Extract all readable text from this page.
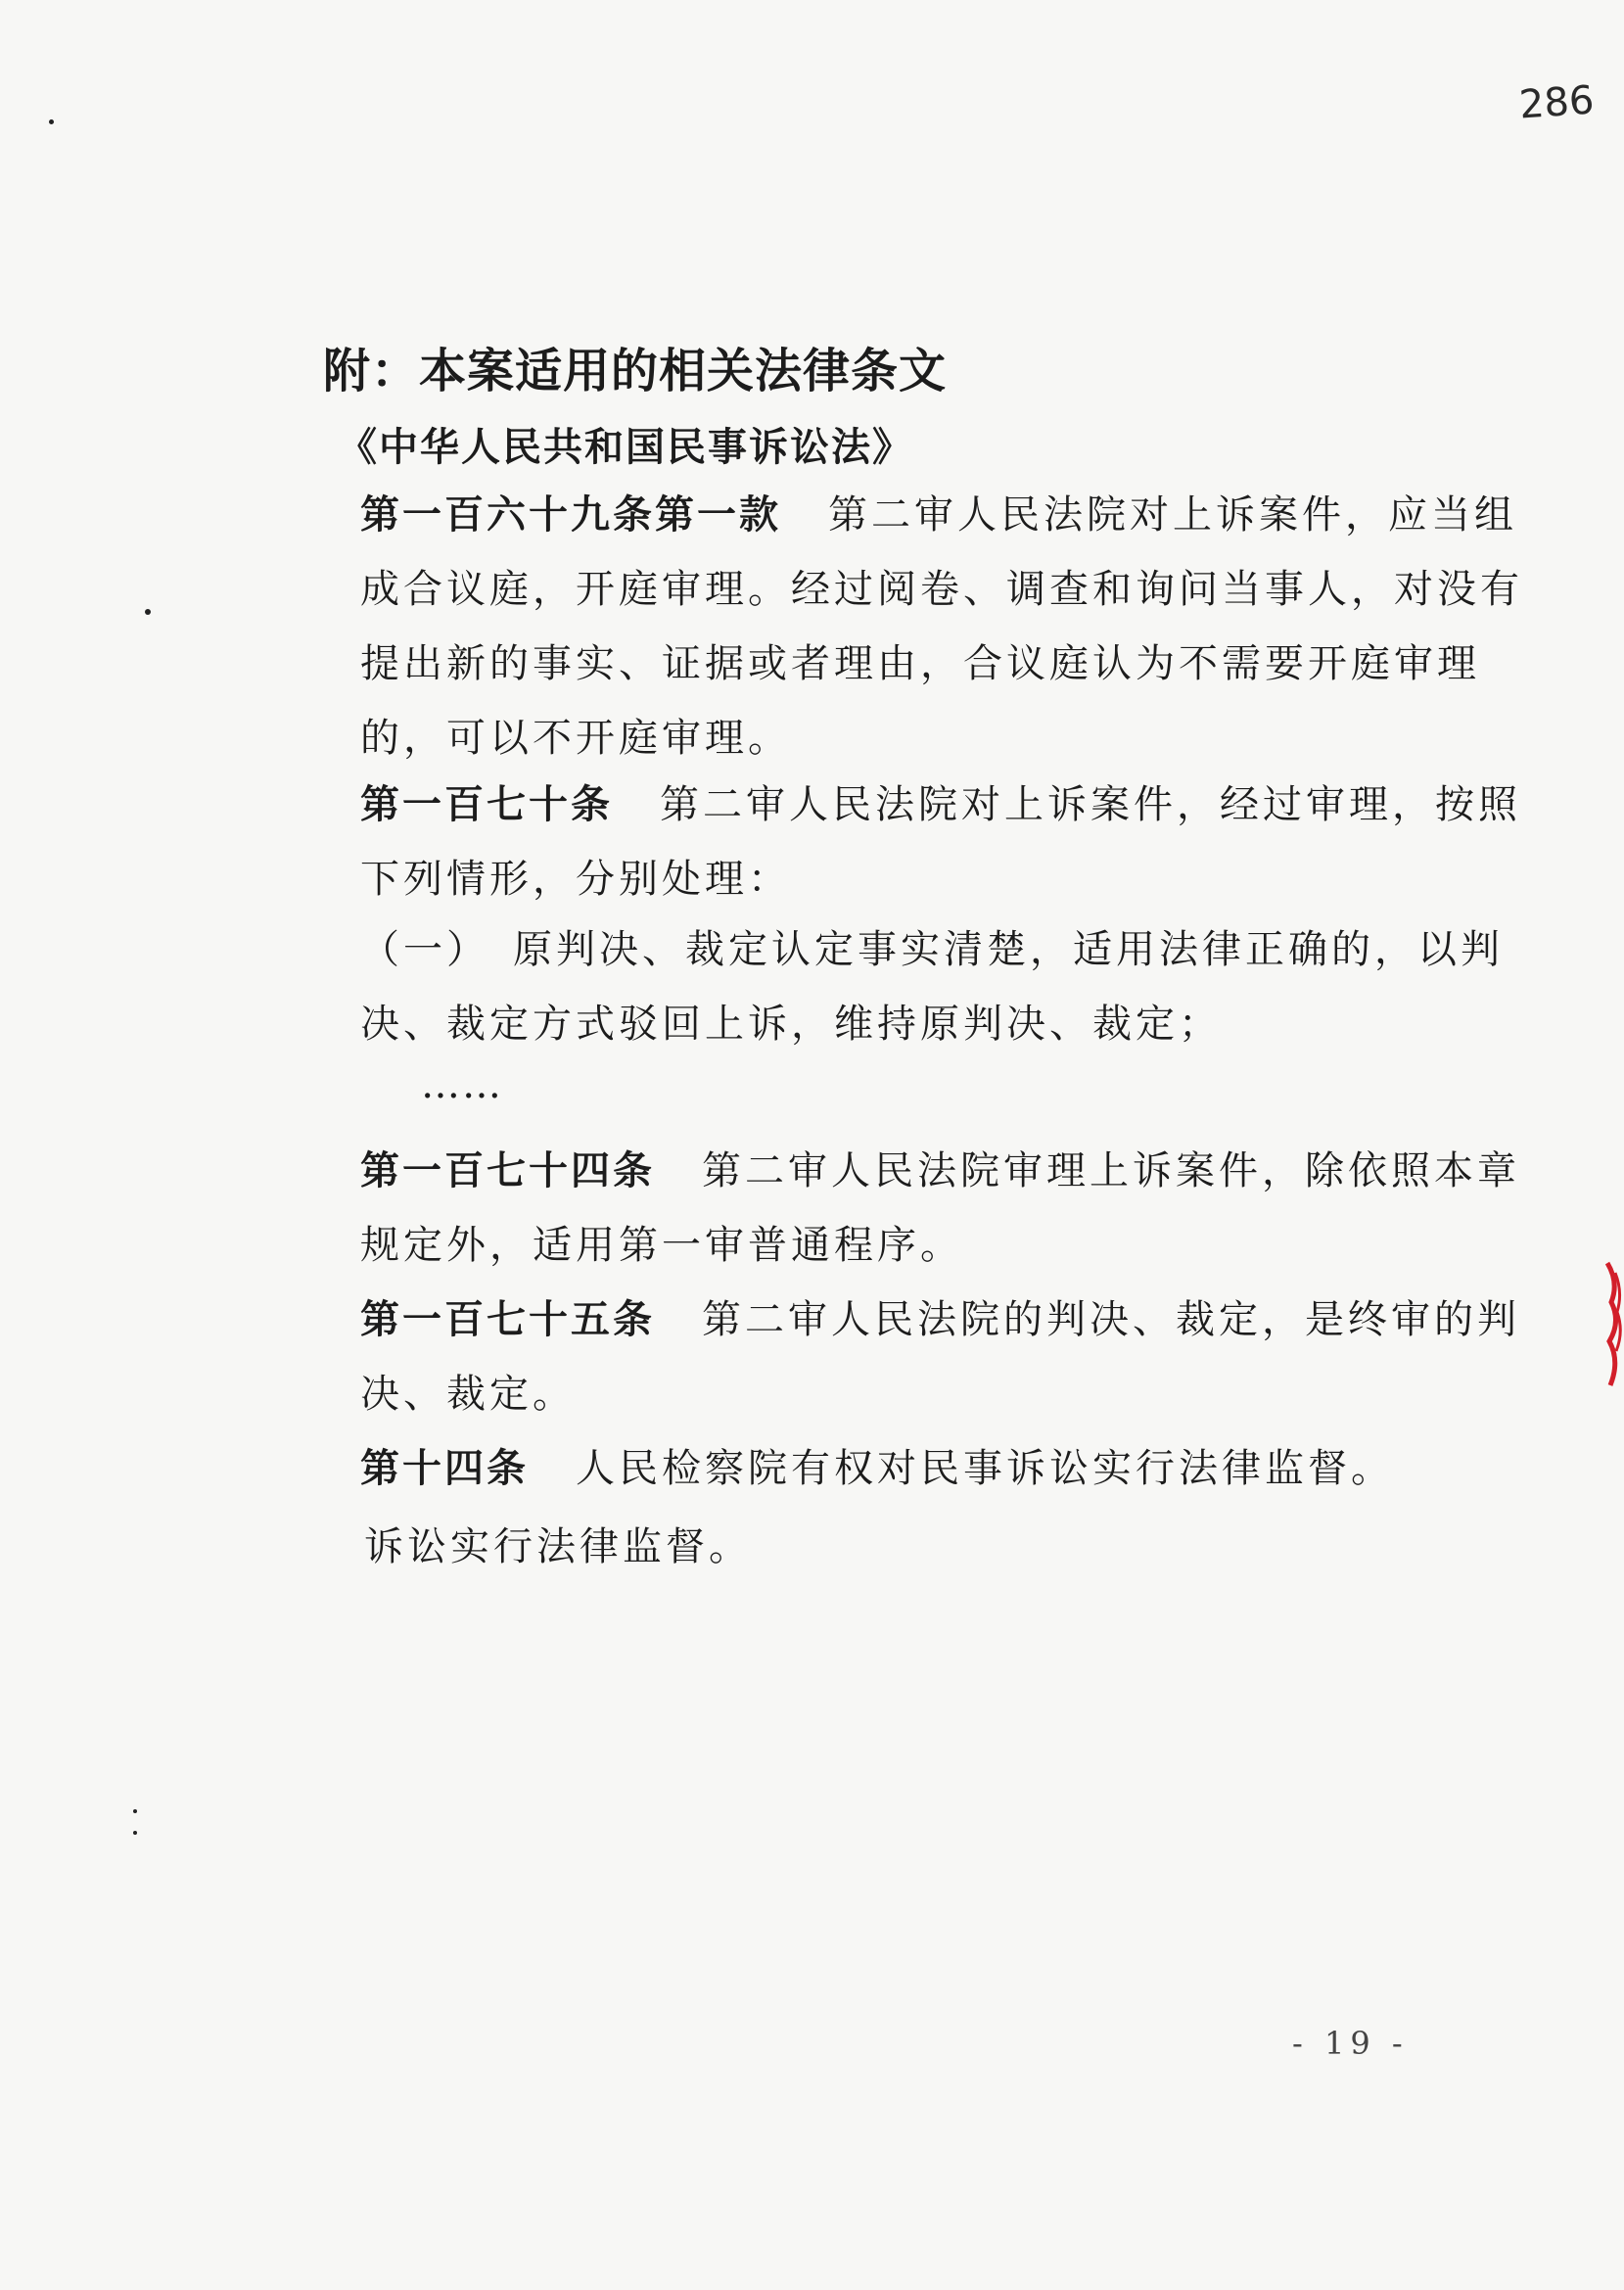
286
附：本案适用的相关法律条文
《中华人民共和国民事诉讼法》
第一百六十九条第一款 第二审人民法院对上诉案件，应当组成合议庭，开庭审理。经过阅卷、调查和询问当事人，对没有提出新的事实、证据或者理由，合议庭认为不需要开庭审理的，可以不开庭审理。
第一百七十条 第二审人民法院对上诉案件，经过审理，按照下列情形，分别处理：
（一） 原判决、裁定认定事实清楚，适用法律正确的，以判决、裁定方式驳回上诉，维持原判决、裁定；
……
第一百七十四条 第二审人民法院审理上诉案件，除依照本章规定外，适用第一审普通程序。
第一百七十五条 第二审人民法院的判决、裁定，是终审的判决、裁定。
第十四条 人民检察院有权对民事诉讼实行法律监督。
诉讼实行法律监督。
- 19 -
